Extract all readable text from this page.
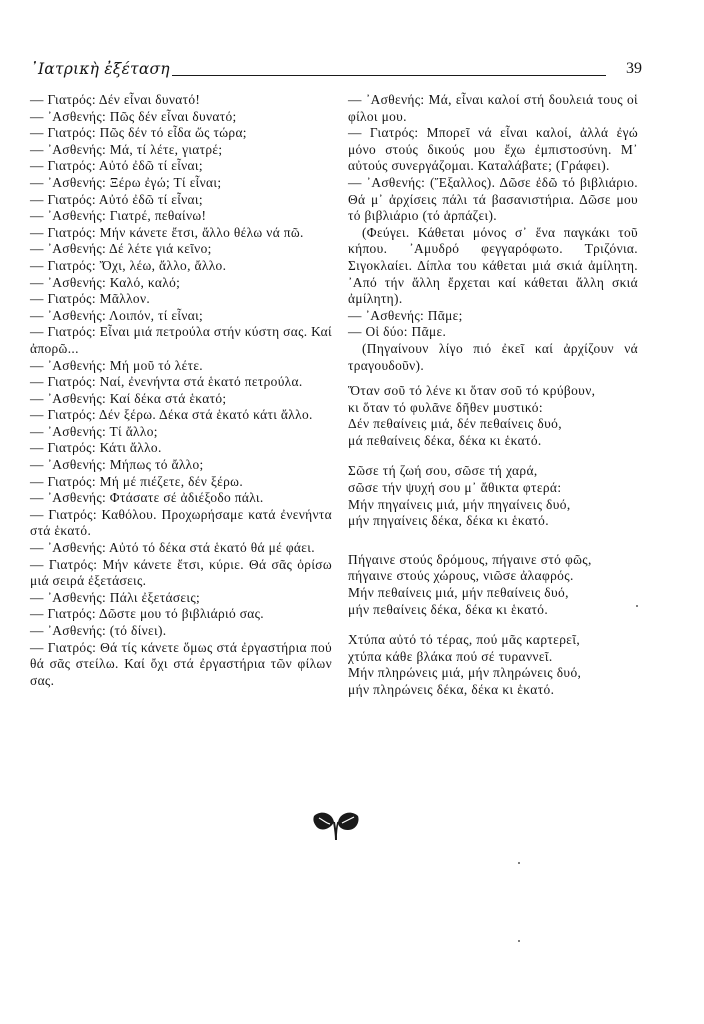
᾿Ιατρικὴ ἐξέταση	39

— Γιατρός: Δέν εἶναι δυνατό!

— ᾿Ασθενής: Πῶς δέν εἶναι δυνατό;

— Γιατρός: Πῶς δέν τό εἶδα ὥς τώρα;

— ᾿Ασθενής: Μά, τί λέτε, γιατρέ;

— Γιατρός: Αὐτό ἐδῶ τί εἶναι;

— ᾿Ασθενής: Ξέρω ἐγώ; Τί εἶναι;

— Γιατρός: Αὐτό ἐδῶ τί εἶναι;

— ᾿Ασθενής: Γιατρέ, πεθαίνω!

— Γιατρός: Μήν κάνετε ἔτσι, ἄλλο θέλω νά πῶ.

— ᾿Ασθενής: Δέ λέτε γιά κεῖνο;

— Γιατρός: Ὄχι, λέω, ἄλλο, ἄλλο.

— ᾿Ασθενής: Καλό, καλό;

— Γιατρός: Μᾶλλον.

— ᾿Ασθενής: Λοιπόν, τί εἶναι;

— Γιατρός: Εἶναι μιά πετρούλα στήν κύστη σας. Καί ἀπορῶ...

— ᾿Ασθενής: Μή μοῦ τό λέτε.

— Γιατρός: Ναί, ἐνενήντα στά ἑκατό πετρούλα.

— ᾿Ασθενής: Καί δέκα στά ἑκατό;

— Γιατρός: Δέν ξέρω. Δέκα στά ἑκατό κάτι ἄλλο.

— ᾿Ασθενής: Τί ἄλλο;

— Γιατρός: Κάτι ἄλλο.

— ᾿Ασθενής: Μήπως τό ἄλλο;

— Γιατρός: Μή μέ πιέζετε, δέν ξέρω.

— ᾿Ασθενής: Φτάσατε σέ ἀδιέξοδο πάλι.

— Γιατρός: Καθόλου. Προχωρήσαμε κατά ἐνενήντα στά ἑκατό.

— ᾿Ασθενής: Αὐτό τό δέκα στά ἑκατό θά μέ φάει.

— Γιατρός: Μήν κάνετε ἔτσι, κύριε. Θά σᾶς ὁρίσω μιά σειρά ἐξετάσεις.

— ᾿Ασθενής: Πάλι ἐξετάσεις;

— Γιατρός: Δῶστε μου τό βιβλιάριό σας.

— ᾿Ασθενής: (τό δίνει).

— Γιατρός: Θά τίς κάνετε ὅμως στά ἐργαστήρια πού θά σᾶς στείλω. Καί ὄχι στά ἐργαστήρια τῶν φίλων σας.

— ᾿Ασθενής: Μά, εἶναι καλοί στή δουλειά τους οἱ φίλοι μου.

— Γιατρός: Μπορεῖ νά εἶναι καλοί, ἀλλά ἐγώ μόνο στούς δικούς μου ἔχω ἐμπιστοσύνη. Μ᾿ αὐτούς συνεργάζομαι. Καταλάβατε; (Γράφει).

— ᾿Ασθενής: (Ἔξαλλος). Δῶσε ἐδῶ τό βιβλιάριο. Θά μ᾿ ἀρχίσεις πάλι τά βασανιστήρια. Δῶσε μου τό βιβλιάριο (τό ἁρπάζει).

(Φεύγει. Κάθεται μόνος σ᾿ ἕνα παγκάκι τοῦ κήπου. ᾿Αμυδρό φεγγαρόφωτο. Τριζόνια. Σιγοκλαίει. Δίπλα του κάθεται μιά σκιά ἀμίλητη. ᾿Από τήν ἄλλη ἔρχεται καί κάθεται ἄλλη σκιά ἀμίλητη).

— ᾿Ασθενής: Πᾶμε;

— Οἱ δύο: Πᾶμε.

(Πηγαίνουν λίγο πιό ἐκεῖ καί ἀρχίζουν νά τραγουδοῦν).

Ὅταν σοῦ τό λένε κι ὅταν σοῦ τό κρύβουν,
κι ὅταν τό φυλᾶνε δῆθεν μυστικό:
Δέν πεθαίνεις μιά, δέν πεθαίνεις δυό,
μά πεθαίνεις δέκα, δέκα κι ἑκατό.
Σῶσε τή ζωή σου, σῶσε τή χαρά,
σῶσε τήν ψυχή σου μ᾿ ἄθικτα φτερά:
Μήν πηγαίνεις μιά, μήν πηγαίνεις δυό,
μήν πηγαίνεις δέκα, δέκα κι ἑκατό.
Πήγαινε στούς δρόμους, πήγαινε στό φῶς,
πήγαινε στούς χώρους, νιῶσε ἀλαφρός.
Μήν πεθαίνεις μιά, μήν πεθαίνεις δυό,
μήν πεθαίνεις δέκα, δέκα κι ἑκατό.
Χτύπα αὐτό τό τέρας, πού μᾶς καρτερεῖ,
χτύπα κάθε βλάκα πού σέ τυραννεῖ.
Μήν πληρώνεις μιά, μήν πληρώνεις δυό,
μήν πληρώνεις δέκα, δέκα κι ἑκατό.
